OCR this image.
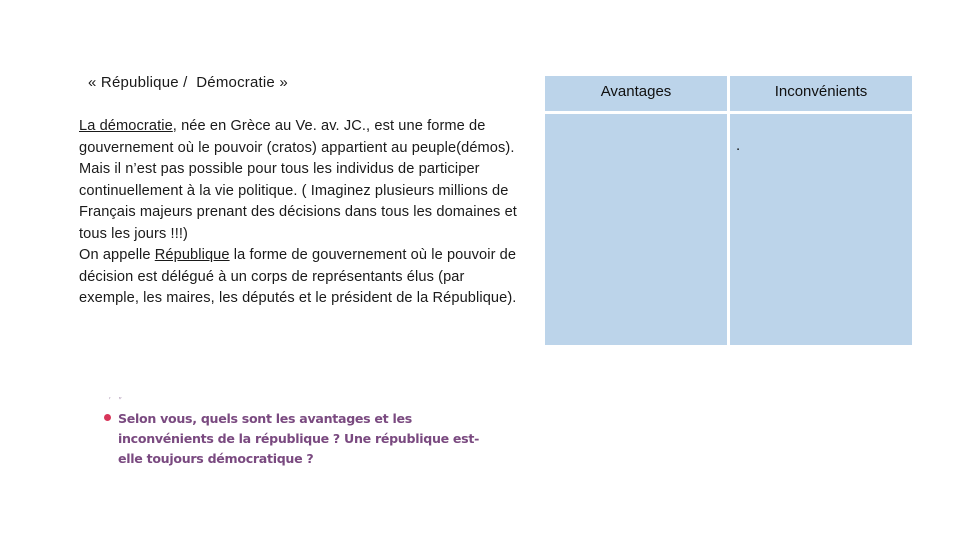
« République /  Démocratie »

La démocratie, née en Grèce au Ve. av. JC., est une forme de gouvernement où le pouvoir (cratos) appartient au peuple(démos).

Mais il n’est pas possible pour tous les individus de participer continuellement à la vie politique. ( Imaginez plusieurs millions de Français majeurs prenant des décisions dans tous les domaines et tous les jours !!!)

On appelle République la forme de gouvernement où le pouvoir de décision est délégué à un corps de représentants élus (par exemple, les maires, les députés et le président de la République).

′ ″
Selon vous, quels sont les avantages et les inconvénients de la république ? Une république est-elle toujours démocratique ?
Avantages	Inconvénients
.
